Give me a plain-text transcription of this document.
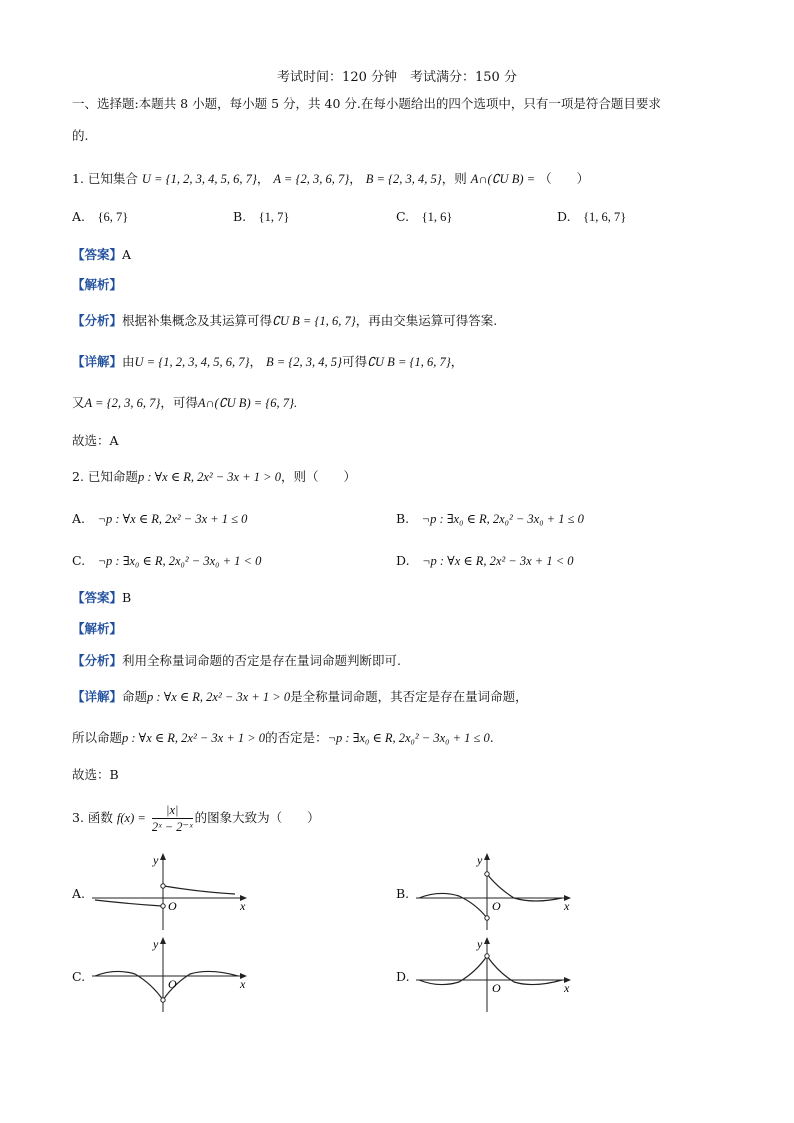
考试时间：120 分钟　考试满分：150 分
一、选择题:本题共 8 小题，每小题 5 分，共 40 分.在每小题给出的四个选项中，只有一项是符合题目要求
的.
1. 已知集合 U = {1, 2, 3, 4, 5, 6, 7}， A = {2, 3, 6, 7}， B = {2, 3, 4, 5}，则 A∩(∁U B) = （　　）
A.　{6, 7}	B.　{1, 7}	C.　{1, 6}	D.　{1, 6, 7}
【答案】A
【解析】
【分析】根据补集概念及其运算可得∁U B = {1, 6, 7}，再由交集运算可得答案.
【详解】由U = {1, 2, 3, 4, 5, 6, 7}， B = {2, 3, 4, 5}可得∁U B = {1, 6, 7}，
又A = {2, 3, 6, 7}，可得A∩(∁U B) = {6, 7}.
故选：A
2. 已知命题p : ∀x ∈ R, 2x² − 3x + 1 > 0，则（　　）
A.　¬p : ∀x ∈ R, 2x² − 3x + 1 ≤ 0	B.　¬p : ∃x₀ ∈ R, 2x₀² − 3x₀ + 1 ≤ 0
C.　¬p : ∃x₀ ∈ R, 2x₀² − 3x₀ + 1 < 0	D.　¬p : ∀x ∈ R, 2x² − 3x + 1 < 0
【答案】B
【解析】
【分析】利用全称量词命题的否定是存在量词命题判断即可.
【详解】命题p : ∀x ∈ R, 2x² − 3x + 1 > 0是全称量词命题，其否定是存在量词命题，
所以命题p : ∀x ∈ R, 2x² − 3x + 1 > 0的否定是：¬p : ∃x₀ ∈ R, 2x₀² − 3x₀ + 1 ≤ 0.
故选：B
3. 函数 $f(x) = \frac{|x|}{\text{2ˣ − 2⁻ˣ}}$ 的图象大致为（　　）
A.	B.
C.	D.
x
y
O	x
y
O
x
y
O	x
y
O
